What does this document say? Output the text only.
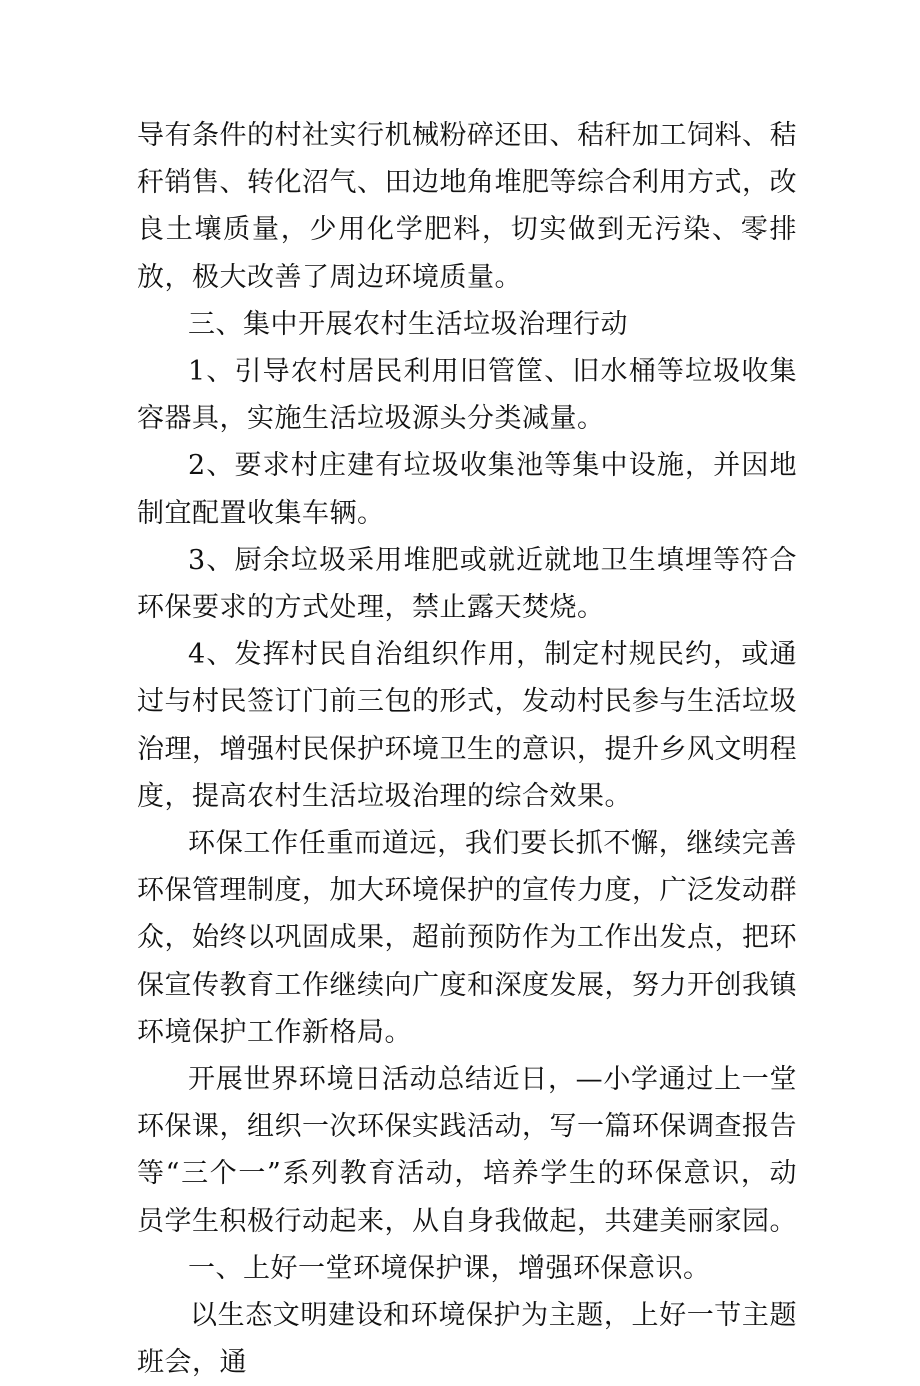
导有条件的村社实行机械粉碎还田、秸秆加工饲料、秸秆销售、转化沼气、田边地角堆肥等综合利用方式，改良土壤质量，少用化学肥料，切实做到无污染、零排放，极大改善了周边环境质量。

三、集中开展农村生活垃圾治理行动

1、引导农村居民利用旧管筐、旧水桶等垃圾收集容器具，实施生活垃圾源头分类减量。

2、要求村庄建有垃圾收集池等集中设施，并因地制宜配置收集车辆。

3、厨余垃圾采用堆肥或就近就地卫生填埋等符合环保要求的方式处理，禁止露天焚烧。

4、发挥村民自治组织作用，制定村规民约，或通过与村民签订门前三包的形式，发动村民参与生活垃圾治理，增强村民保护环境卫生的意识，提升乡风文明程度，提高农村生活垃圾治理的综合效果。

环保工作任重而道远，我们要长抓不懈，继续完善环保管理制度，加大环境保护的宣传力度，广泛发动群众，始终以巩固成果，超前预防作为工作出发点，把环保宣传教育工作继续向广度和深度发展，努力开创我镇环境保护工作新格局。

开展世界环境日活动总结近日，—小学通过上一堂环保课，组织一次环保实践活动，写一篇环保调查报告等“三个一”系列教育活动，培养学生的环保意识，动员学生积极行动起来，从自身我做起，共建美丽家园。

一、上好一堂环境保护课，增强环保意识。

以生态文明建设和环境保护为主题，上好一节主题班会，通
